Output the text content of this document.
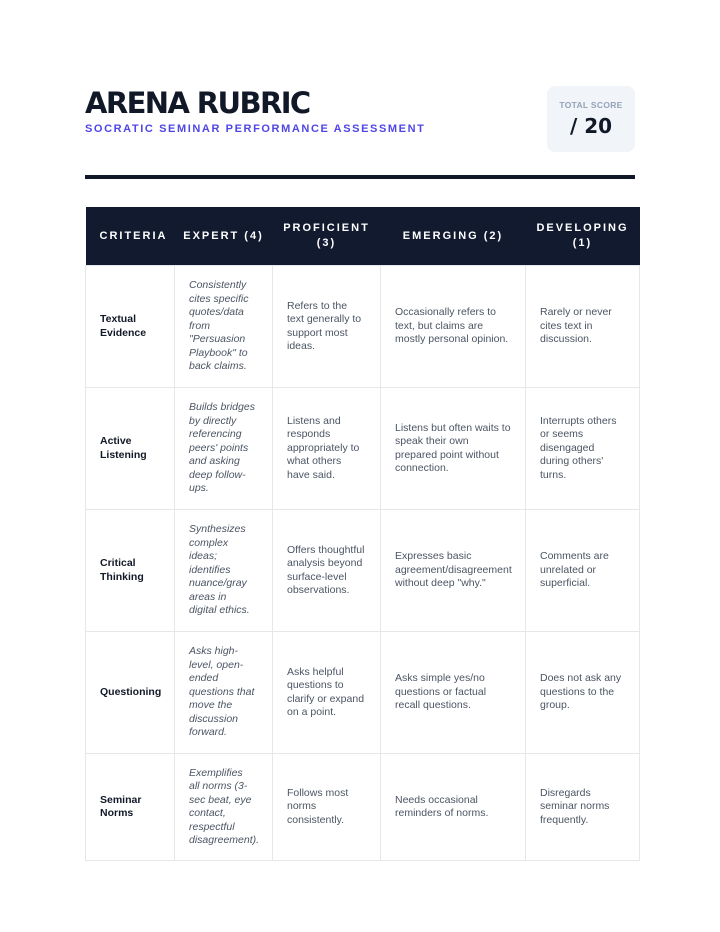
ARENA RUBRIC
SOCRATIC SEMINAR PERFORMANCE ASSESSMENT
TOTAL SCORE
/ 20
CRITERIA	EXPERT (4)	PROFICIENT (3)	EMERGING (2)	DEVELOPING (1)
Textual Evidence	Consistently cites specific quotes/data from "Persuasion Playbook" to back claims.	Refers to the text generally to support most ideas.	Occasionally refers to text, but claims are mostly personal opinion.	Rarely or never cites text in discussion.
Active Listening	Builds bridges by directly referencing peers' points and asking deep follow-ups.	Listens and responds appropriately to what others have said.	Listens but often waits to speak their own prepared point without connection.	Interrupts others or seems disengaged during others' turns.
Critical Thinking	Synthesizes complex ideas; identifies nuance/gray areas in digital ethics.	Offers thoughtful analysis beyond surface-level observations.	Expresses basic agreement/disagreement without deep "why."	Comments are unrelated or superficial.
Questioning	Asks high-level, open-ended questions that move the discussion forward.	Asks helpful questions to clarify or expand on a point.	Asks simple yes/no questions or factual recall questions.	Does not ask any questions to the group.
Seminar Norms	Exemplifies all norms (3-sec beat, eye contact, respectful disagreement).	Follows most norms consistently.	Needs occasional reminders of norms.	Disregards seminar norms frequently.
